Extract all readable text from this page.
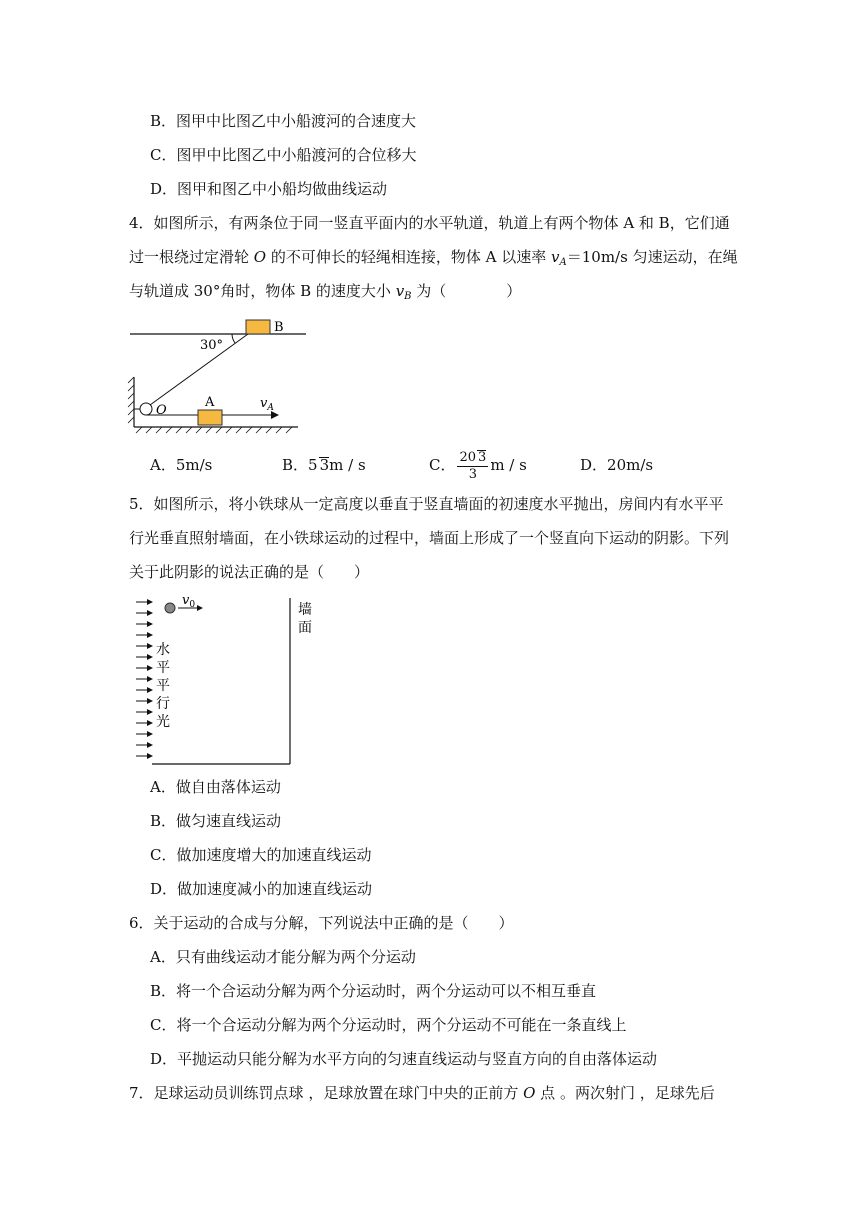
B．图甲中比图乙中小船渡河的合速度大
C．图甲中比图乙中小船渡河的合位移大
D．图甲和图乙中小船均做曲线运动
4．如图所示，有两条位于同一竖直平面内的水平轨道，轨道上有两个物体 A 和 B，它们通
过一根绕过定滑轮 O 的不可伸长的轻绳相连接，物体 A 以速率 $v_A=10m/s$ 匀速运动，在绳
与轨道成 30°角时，物体 B 的速度大小 $v_B$ 为（　　　　）
B
30°
O
A	$v_A$
A．5m/s	B．5 3m / s	C． $\frac{20 3}{3}$ m / s	D．20m/s
5．如图所示，将小铁球从一定高度以垂直于竖直墙面的初速度水平抛出，房间内有水平平
行光垂直照射墙面，在小铁球运动的过程中，墙面上形成了一个竖直向下运动的阴影。下列
关于此阴影的说法正确的是（　　）
$v_0$
水
平
平
行
光
墙
面
A．做自由落体运动
B．做匀速直线运动
C．做加速度增大的加速直线运动
D．做加速度减小的加速直线运动
6．关于运动的合成与分解，下列说法中正确的是（　　）
A．只有曲线运动才能分解为两个分运动
B．将一个合运动分解为两个分运动时，两个分运动可以不相互垂直
C．将一个合运动分解为两个分运动时，两个分运动不可能在一条直线上
D．平抛运动只能分解为水平方向的匀速直线运动与竖直方向的自由落体运动
7．足球运动员训练罚点球 ，足球放置在球门中央的正前方 O 点 。两次射门 ，足球先后
